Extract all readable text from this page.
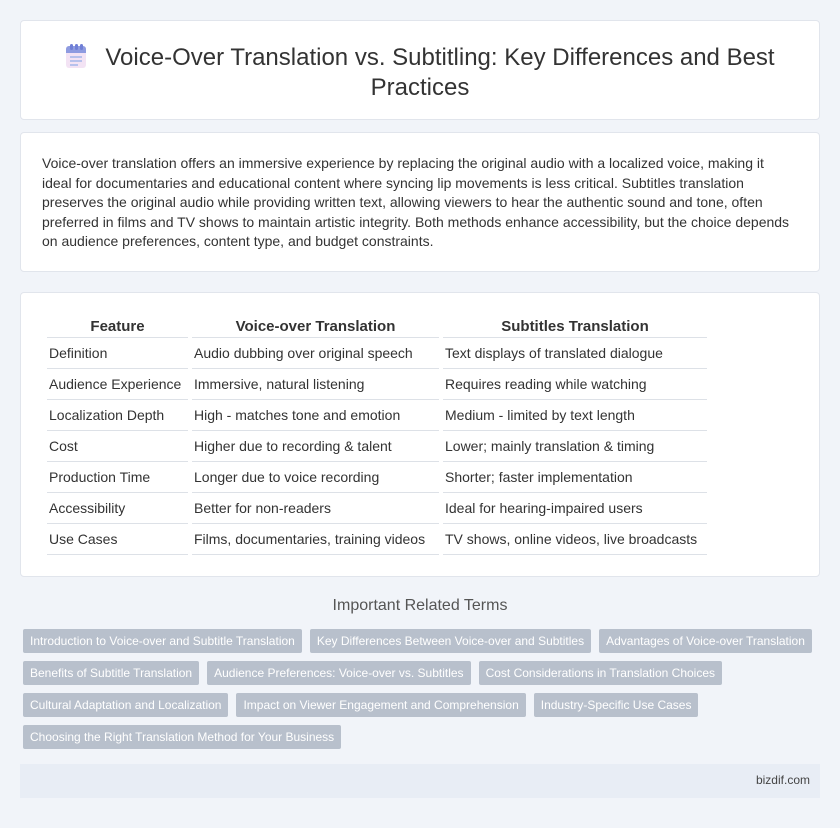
Voice-Over Translation vs. Subtitling: Key Differences and Best Practices

Voice-over translation offers an immersive experience by replacing the original audio with a localized voice, making it ideal for documentaries and educational content where syncing lip movements is less critical. Subtitles translation preserves the original audio while providing written text, allowing viewers to hear the authentic sound and tone, often preferred in films and TV shows to maintain artistic integrity. Both methods enhance accessibility, but the choice depends on audience preferences, content type, and budget constraints.

Feature	Voice-over Translation	Subtitles Translation
Definition	Audio dubbing over original speech	Text displays of translated dialogue
Audience Experience	Immersive, natural listening	Requires reading while watching
Localization Depth	High - matches tone and emotion	Medium - limited by text length
Cost	Higher due to recording & talent	Lower; mainly translation & timing
Production Time	Longer due to voice recording	Shorter; faster implementation
Accessibility	Better for non-readers	Ideal for hearing-impaired users
Use Cases	Films, documentaries, training videos	TV shows, online videos, live broadcasts
Important Related Terms
Introduction to Voice-over and Subtitle Translation	Key Differences Between Voice-over and Subtitles	Advantages of Voice-over Translation
Benefits of Subtitle Translation	Audience Preferences: Voice-over vs. Subtitles	Cost Considerations in Translation Choices
Cultural Adaptation and Localization	Impact on Viewer Engagement and Comprehension	Industry-Specific Use Cases
Choosing the Right Translation Method for Your Business
bizdif.com
